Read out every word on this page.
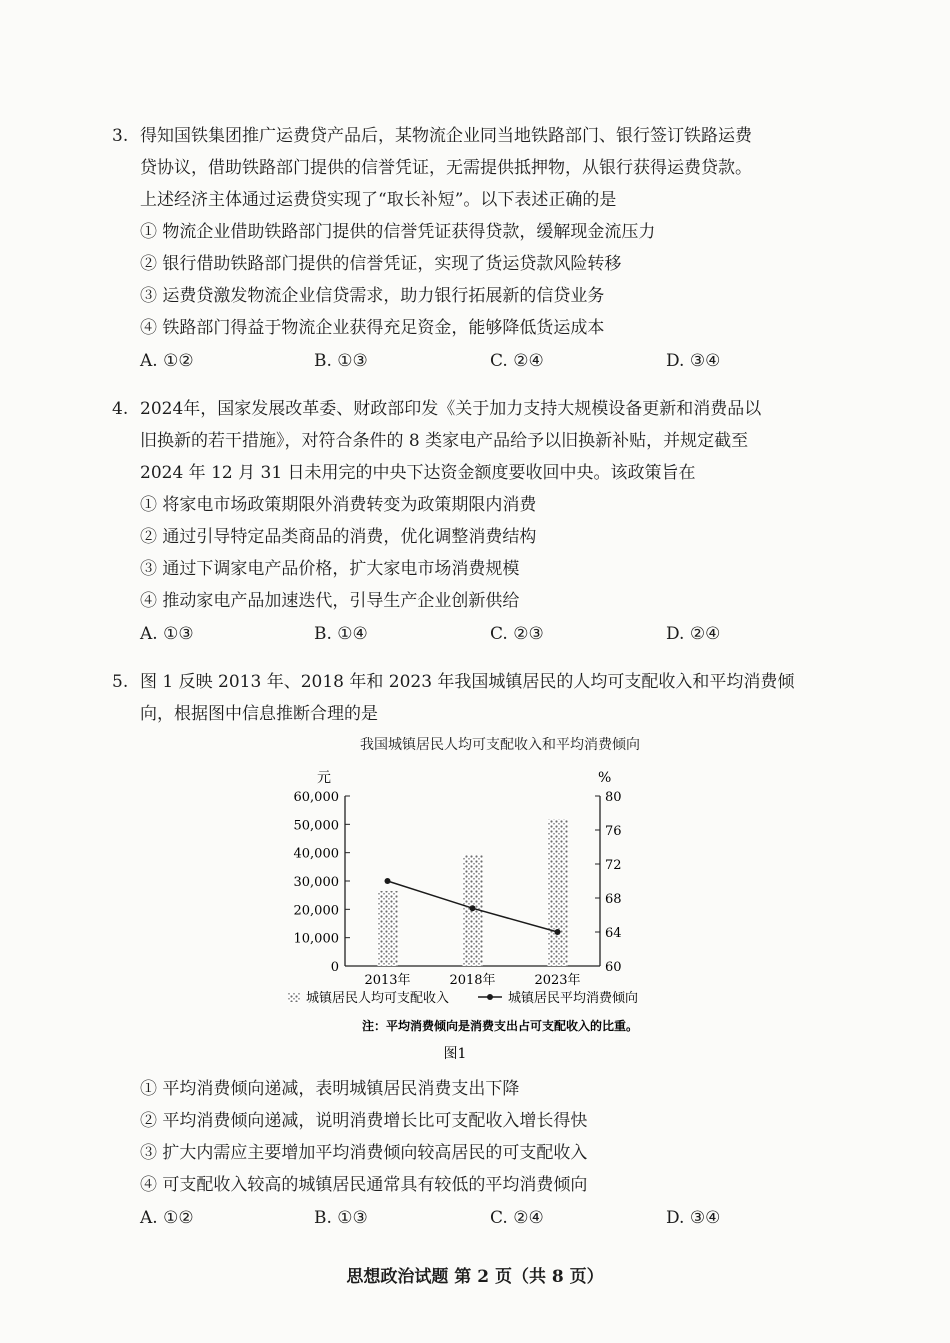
3. 得知国铁集团推广运费贷产品后，某物流企业同当地铁路部门、银行签订铁路运费
贷协议，借助铁路部门提供的信誉凭证，无需提供抵押物，从银行获得运费贷款。
上述经济主体通过运费贷实现了“取长补短”。以下表述正确的是
① 物流企业借助铁路部门提供的信誉凭证获得贷款，缓解现金流压力
② 银行借助铁路部门提供的信誉凭证，实现了货运贷款风险转移
③ 运费贷激发物流企业信贷需求，助力银行拓展新的信贷业务
④ 铁路部门得益于物流企业获得充足资金，能够降低货运成本
A. ①②	B. ①③	C. ②④	D. ③④
4. 2024年，国家发展改革委、财政部印发《关于加力支持大规模设备更新和消费品以
旧换新的若干措施》，对符合条件的 8 类家电产品给予以旧换新补贴，并规定截至
2024 年 12 月 31 日未用完的中央下达资金额度要收回中央。该政策旨在
① 将家电市场政策期限外消费转变为政策期限内消费
② 通过引导特定品类商品的消费，优化调整消费结构
③ 通过下调家电产品价格，扩大家电市场消费规模
④ 推动家电产品加速迭代，引导生产企业创新供给
A. ①③	B. ①④	C. ②③	D. ②④
5. 图 1 反映 2013 年、2018 年和 2023 年我国城镇居民的人均可支配收入和平均消费倾
向，根据图中信息推断合理的是
我国城镇居民人均可支配收入和平均消费倾向
元	%
60,000
50,000
40,000
30,000
20,000
10,000
0
80
76
72
68
64
60
2013年	2018年	2023年
城镇居民人均可支配收入	城镇居民平均消费倾向
注：平均消费倾向是消费支出占可支配收入的比重。
图1
① 平均消费倾向递减，表明城镇居民消费支出下降
② 平均消费倾向递减，说明消费增长比可支配收入增长得快
③ 扩大内需应主要增加平均消费倾向较高居民的可支配收入
④ 可支配收入较高的城镇居民通常具有较低的平均消费倾向
A. ①②	B. ①③	C. ②④	D. ③④
思想政治试题 第 2 页（共 8 页）
